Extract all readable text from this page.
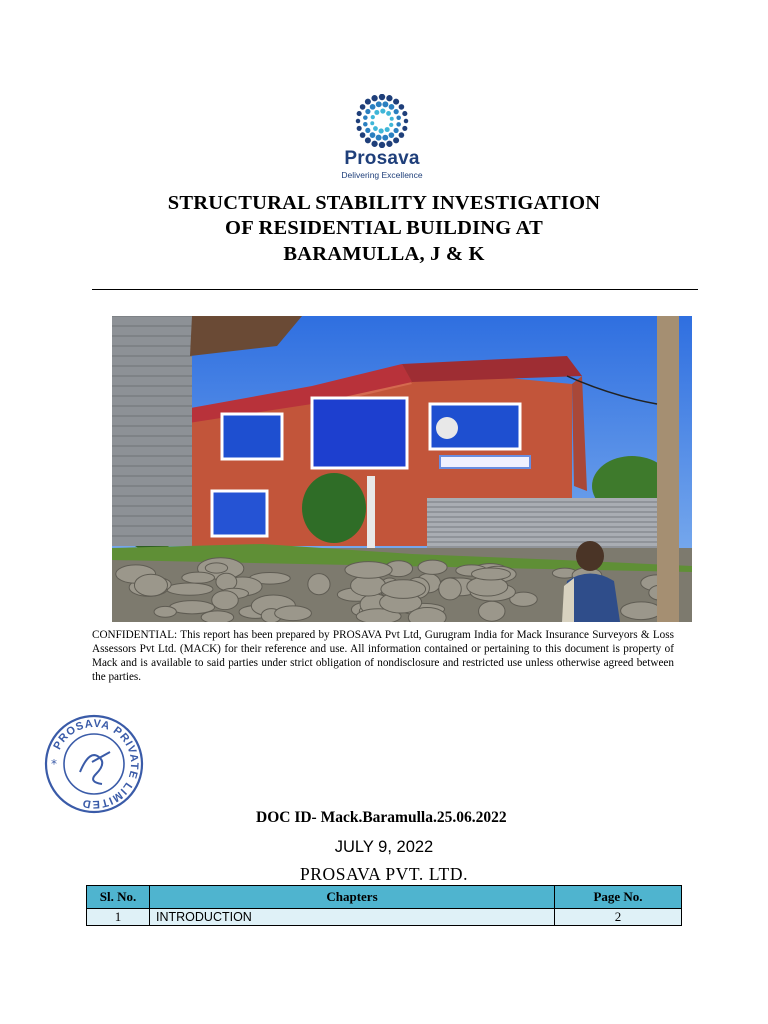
Prosava
Delivering Excellence
STRUCTURAL STABILITY INVESTIGATION
OF RESIDENTIAL BUILDING AT
BARAMULLA, J & K
CONFIDENTIAL: This report has been prepared by PROSAVA Pvt Ltd, Gurugram India for Mack Insurance Surveyors & Loss Assessors Pvt Ltd. (MACK) for their reference and use. All information contained or pertaining to this document is property of Mack and is available to said parties under strict obligation of nondisclosure and restricted use unless otherwise agreed between the parties.
PROSAVA PRIVATE LIMITED
*
DOC ID- Mack.Baramulla.25.06.2022
JULY 9, 2022
PROSAVA PVT. LTD.
Sl. No.	Chapters	Page No.
1	INTRODUCTION	2
